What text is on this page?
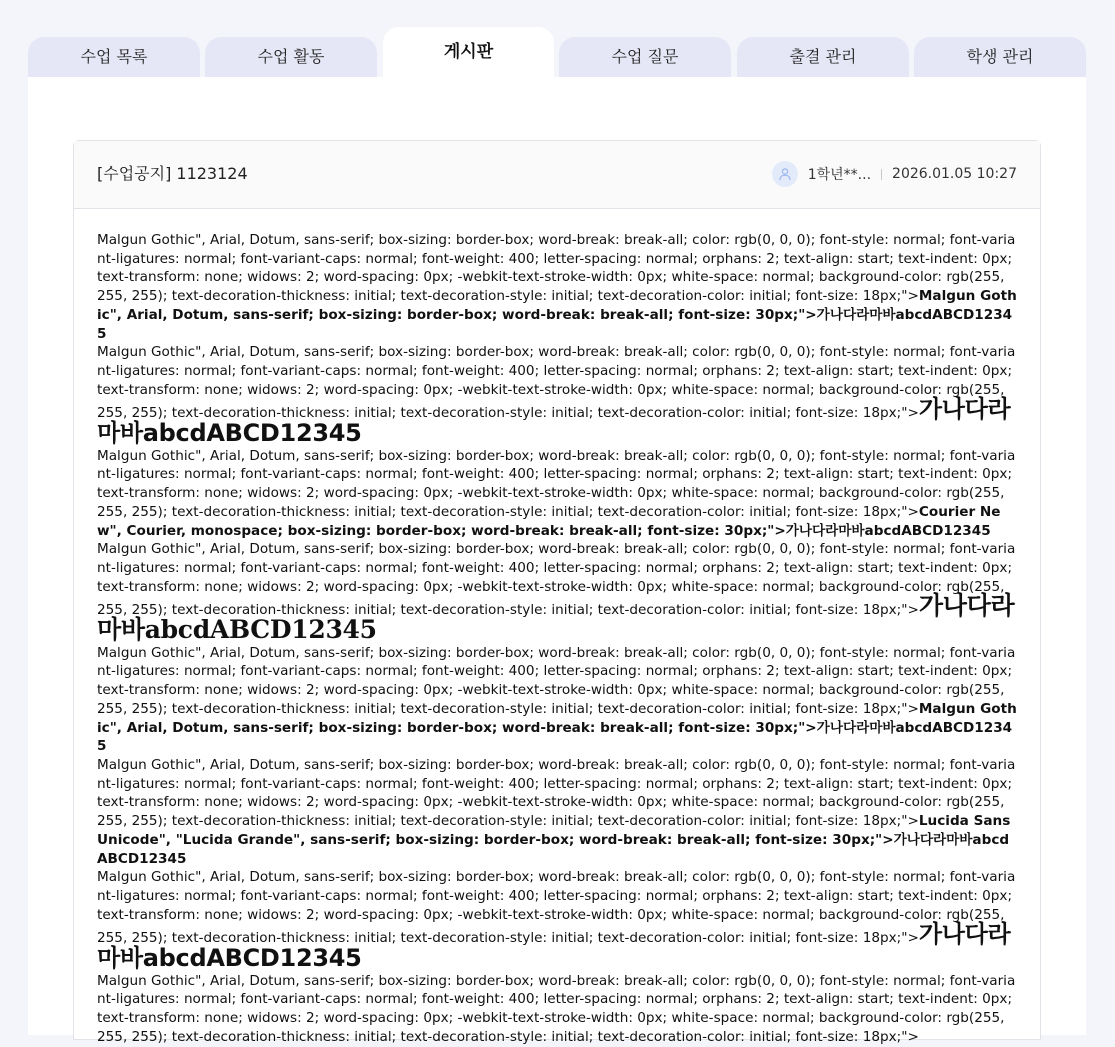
수업 목록	수업 활동	게시판	수업 질문	출결 관리	학생 관리
[수업공지] 1123124	1학년**... 2026.01.05 10:27

Malgun Gothic", Arial, Dotum, sans-serif; box-sizing: border-box; word-break: break-all; color: rgb(0, 0, 0); font-style: normal; font-variant-ligatures: normal; font-variant-caps: normal; font-weight: 400; letter-spacing: normal; orphans: 2; text-align: start; text-indent: 0px; text-transform: none; widows: 2; word-spacing: 0px; -webkit-text-stroke-width: 0px; white-space: normal; background-color: rgb(255, 255, 255); text-decoration-thickness: initial; text-decoration-style: initial; text-decoration-color: initial; font-size: 18px;">Malgun Gothic", Arial, Dotum, sans-serif; box-sizing: border-box; word-break: break-all; font-size: 30px;">가나다라마바abcdABCD12345

Malgun Gothic", Arial, Dotum, sans-serif; box-sizing: border-box; word-break: break-all; color: rgb(0, 0, 0); font-style: normal; font-variant-ligatures: normal; font-variant-caps: normal; font-weight: 400; letter-spacing: normal; orphans: 2; text-align: start; text-indent: 0px; text-transform: none; widows: 2; word-spacing: 0px; -webkit-text-stroke-width: 0px; white-space: normal; background-color: rgb(255, 255, 255); text-decoration-thickness: initial; text-decoration-style: initial; text-decoration-color: initial; font-size: 18px;">가나다라마바abcdABCD12345

Malgun Gothic", Arial, Dotum, sans-serif; box-sizing: border-box; word-break: break-all; color: rgb(0, 0, 0); font-style: normal; font-variant-ligatures: normal; font-variant-caps: normal; font-weight: 400; letter-spacing: normal; orphans: 2; text-align: start; text-indent: 0px; text-transform: none; widows: 2; word-spacing: 0px; -webkit-text-stroke-width: 0px; white-space: normal; background-color: rgb(255, 255, 255); text-decoration-thickness: initial; text-decoration-style: initial; text-decoration-color: initial; font-size: 18px;">Courier New", Courier, monospace; box-sizing: border-box; word-break: break-all; font-size: 30px;">가나다라마바abcdABCD12345

Malgun Gothic", Arial, Dotum, sans-serif; box-sizing: border-box; word-break: break-all; color: rgb(0, 0, 0); font-style: normal; font-variant-ligatures: normal; font-variant-caps: normal; font-weight: 400; letter-spacing: normal; orphans: 2; text-align: start; text-indent: 0px; text-transform: none; widows: 2; word-spacing: 0px; -webkit-text-stroke-width: 0px; white-space: normal; background-color: rgb(255, 255, 255); text-decoration-thickness: initial; text-decoration-style: initial; text-decoration-color: initial; font-size: 18px;">가나다라마바abcdABCD12345

Malgun Gothic", Arial, Dotum, sans-serif; box-sizing: border-box; word-break: break-all; color: rgb(0, 0, 0); font-style: normal; font-variant-ligatures: normal; font-variant-caps: normal; font-weight: 400; letter-spacing: normal; orphans: 2; text-align: start; text-indent: 0px; text-transform: none; widows: 2; word-spacing: 0px; -webkit-text-stroke-width: 0px; white-space: normal; background-color: rgb(255, 255, 255); text-decoration-thickness: initial; text-decoration-style: initial; text-decoration-color: initial; font-size: 18px;">Malgun Gothic", Arial, Dotum, sans-serif; box-sizing: border-box; word-break: break-all; font-size: 30px;">가나다라마바abcdABCD12345

Malgun Gothic", Arial, Dotum, sans-serif; box-sizing: border-box; word-break: break-all; color: rgb(0, 0, 0); font-style: normal; font-variant-ligatures: normal; font-variant-caps: normal; font-weight: 400; letter-spacing: normal; orphans: 2; text-align: start; text-indent: 0px; text-transform: none; widows: 2; word-spacing: 0px; -webkit-text-stroke-width: 0px; white-space: normal; background-color: rgb(255, 255, 255); text-decoration-thickness: initial; text-decoration-style: initial; text-decoration-color: initial; font-size: 18px;">Lucida Sans Unicode", "Lucida Grande", sans-serif; box-sizing: border-box; word-break: break-all; font-size: 30px;">가나다라마바abcdABCD12345

Malgun Gothic", Arial, Dotum, sans-serif; box-sizing: border-box; word-break: break-all; color: rgb(0, 0, 0); font-style: normal; font-variant-ligatures: normal; font-variant-caps: normal; font-weight: 400; letter-spacing: normal; orphans: 2; text-align: start; text-indent: 0px; text-transform: none; widows: 2; word-spacing: 0px; -webkit-text-stroke-width: 0px; white-space: normal; background-color: rgb(255, 255, 255); text-decoration-thickness: initial; text-decoration-style: initial; text-decoration-color: initial; font-size: 18px;">가나다라마바abcdABCD12345

Malgun Gothic", Arial, Dotum, sans-serif; box-sizing: border-box; word-break: break-all; color: rgb(0, 0, 0); font-style: normal; font-variant-ligatures: normal; font-variant-caps: normal; font-weight: 400; letter-spacing: normal; orphans: 2; text-align: start; text-indent: 0px; text-transform: none; widows: 2; word-spacing: 0px; -webkit-text-stroke-width: 0px; white-space: normal; background-color: rgb(255, 255, 255); text-decoration-thickness: initial; text-decoration-style: initial; text-decoration-color: initial; font-size: 18px;">
